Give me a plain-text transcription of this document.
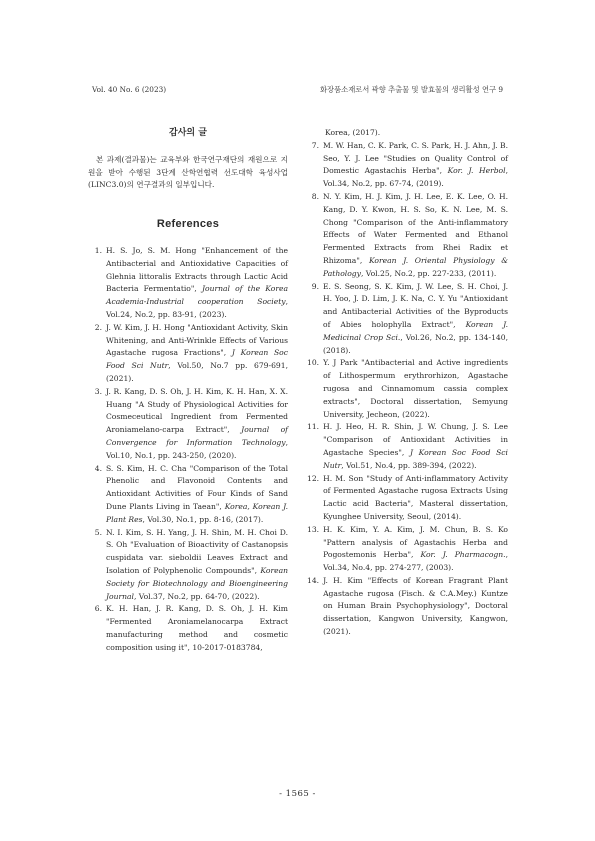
Vol. 40 No. 6 (2023)	화장품소재로서 곽향 추출물 및 발효물의 생리활성 연구 9

감사의 글

본 과제(결과물)는 교육부와 한국연구재단의 재원으로 지원을 받아 수행된 3단계 산학연협력 선도대학 육성사업(LINC3.0)의 연구결과의 일부입니다.

References

1. H. S. Jo, S. M. Hong "Enhancement of the Antibacterial and Antioxidative Capacities of Glehnia littoralis Extracts through Lactic Acid Bacteria Fermentatio", Journal of the Korea Academia-Industrial cooperation Society, Vol.24, No.2, pp. 83-91, (2023).
2. J. W. Kim, J. H. Hong "Antioxidant Activity, Skin Whitening, and Anti-Wrinkle Effects of Various Agastache rugosa Fractions", J Korean Soc Food Sci Nutr, Vol.50, No.7 pp. 679-691, (2021).
3. J. R. Kang, D. S. Oh, J. H. Kim, K. H. Han, X. X. Huang "A Study of Physiological Activities for Cosmeceutical Ingredient from Fermented Aroniamelano-carpa Extract", Journal of Convergence for Information Technology, Vol.10, No.1, pp. 243-250, (2020).
4. S. S. Kim, H. C. Cha "Comparison of the Total Phenolic and Flavonoid Contents and Antioxidant Activities of Four Kinds of Sand Dune Plants Living in Taean", Korea, Korean J. Plant Res, Vol.30, No.1, pp. 8-16, (2017).
5. N. I. Kim, S. H. Yang, J. H. Shin, M. H. Choi D. S. Oh "Evaluation of Bioactivity of Castanopsis cuspidata var. sieboldii Leaves Extract and Isolation of Polyphenolic Compounds", Korean Society for Biotechnology and Bioengineering Journal, Vol.37, No.2, pp. 64-70, (2022).
6. K. H. Han, J. R. Kang, D. S. Oh, J. H. Kim "Fermented Aroniamelanocarpa Extract manufacturing method and cosmetic composition using it", 10-2017-0183784,
Korea, (2017).
7. M. W. Han, C. K. Park, C. S. Park, H. J. Ahn, J. B. Seo, Y. J. Lee "Studies on Quality Control of Domestic Agastachis Herba", Kor. J. Herbol, Vol.34, No.2, pp. 67-74, (2019).
8. N. Y. Kim, H. J. Kim, J. H. Lee, E. K. Lee, O. H. Kang, D. Y. Kwon, H. S. So, K. N. Lee, M. S. Chong "Comparison of the Anti-inflammatory Effects of Water Fermented and Ethanol Fermented Extracts from Rhei Radix et Rhizoma", Korean J. Oriental Physiology & Pathology, Vol.25, No.2, pp. 227-233, (2011).
9. E. S. Seong, S. K. Kim, J. W. Lee, S. H. Choi, J. H. Yoo, J. D. Lim, J. K. Na, C. Y. Yu "Antioxidant and Antibacterial Activities of the Byproducts of Abies holophylla Extract", Korean J. Medicinal Crop Sci., Vol.26, No.2, pp. 134-140, (2018).
10. Y. J Park "Antibacterial and Active ingredients of Lithospermum erythrorhizon, Agastache rugosa and Cinnamomum cassia complex extracts", Doctoral dissertation, Semyung University, Jecheon, (2022).
11. H. J. Heo, H. R. Shin, J. W. Chung, J. S. Lee "Comparison of Antioxidant Activities in Agastache Species", J Korean Soc Food Sci Nutr, Vol.51, No.4, pp. 389-394, (2022).
12. H. M. Son "Study of Anti-inflammatory Activity of Fermented Agastache rugosa Extracts Using Lactic acid Bacteria", Masteral dissertation, Kyunghee University, Seoul, (2014).
13. H. K. Kim, Y. A. Kim, J. M. Chun, B. S. Ko "Pattern analysis of Agastachis Herba and Pogostemonis Herba", Kor. J. Pharmacogn., Vol.34, No.4, pp. 274-277, (2003).
14. J. H. Kim "Effects of Korean Fragrant Plant Agastache rugosa (Fisch. & C.A.Mey.) Kuntze on Human Brain Psychophysiology", Doctoral dissertation, Kangwon University, Kangwon, (2021).
- 1565 -
